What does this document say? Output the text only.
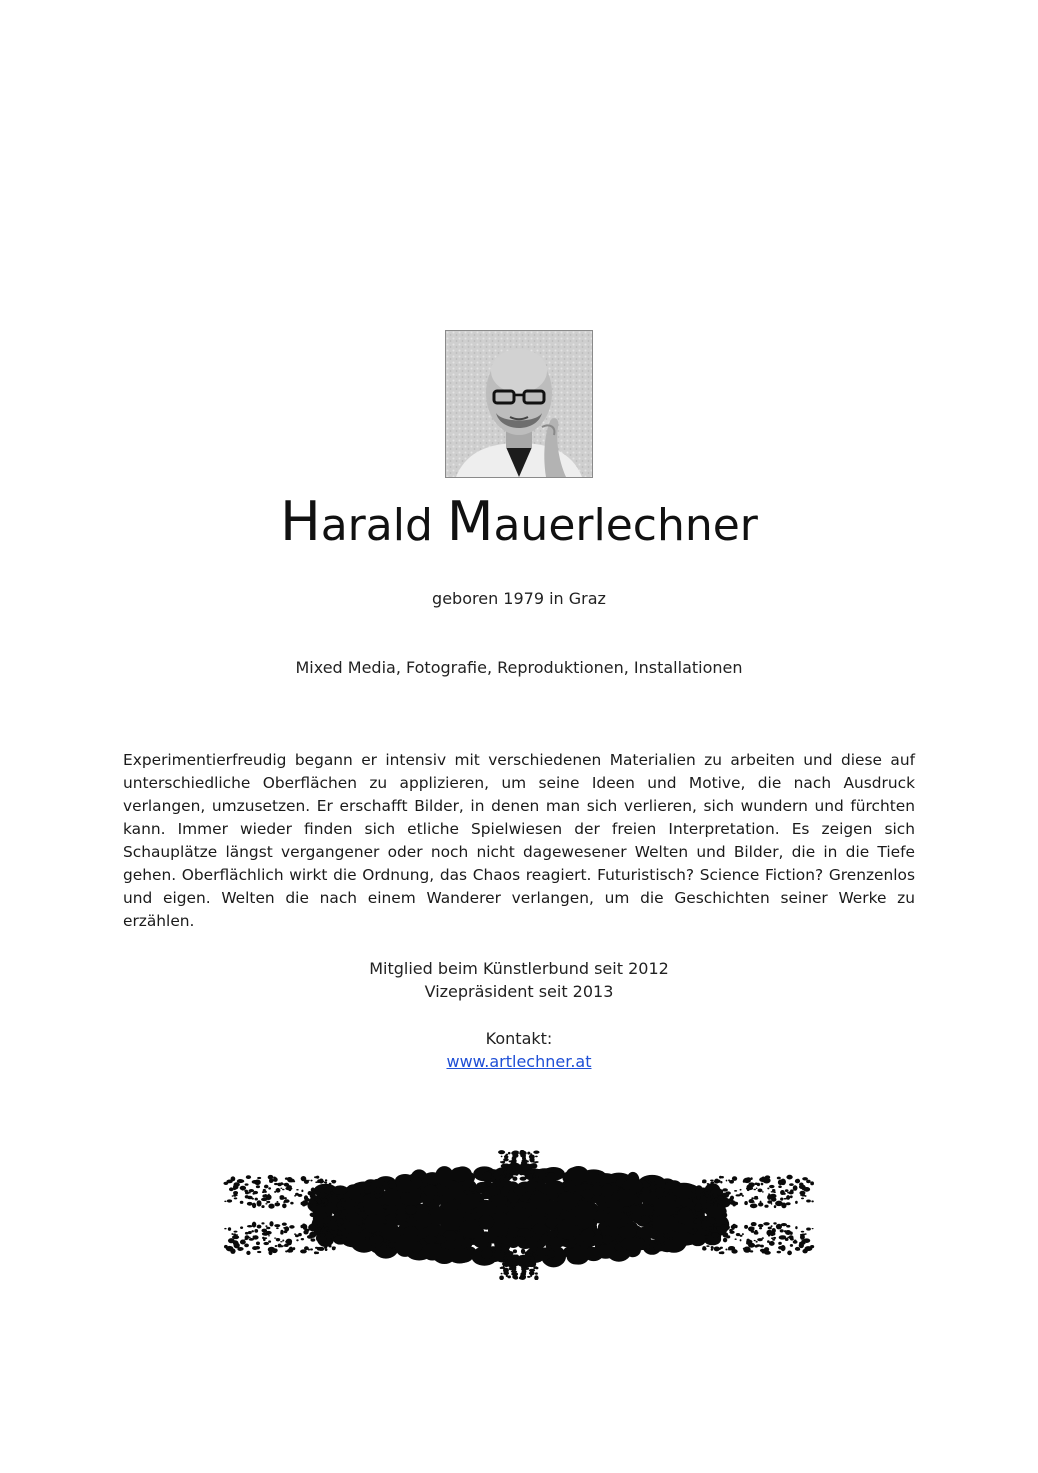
Harald Mauerlechner
geboren 1979 in Graz
Mixed Media, Fotografie, Reproduktionen, Installationen
Experimentierfreudig begann er intensiv mit verschiedenen Materialien zu arbeiten und diese auf unterschiedliche Oberflächen zu applizieren, um seine Ideen und Motive, die nach Ausdruck verlangen, umzusetzen. Er erschafft Bilder, in denen man sich verlieren, sich wundern und fürchten kann. Immer wieder finden sich etliche Spielwiesen der freien Interpretation. Es zeigen sich Schauplätze längst vergangener oder noch nicht dagewesener Welten und Bilder, die in die Tiefe gehen. Oberflächlich wirkt die Ordnung, das Chaos reagiert. Futuristisch? Science Fiction? Grenzenlos und eigen. Welten die nach einem Wanderer verlangen, um die Geschichten seiner Werke zu erzählen.
Mitglied beim Künstlerbund seit 2012
Vizepräsident seit 2013
Kontakt:
www.artlechner.at
